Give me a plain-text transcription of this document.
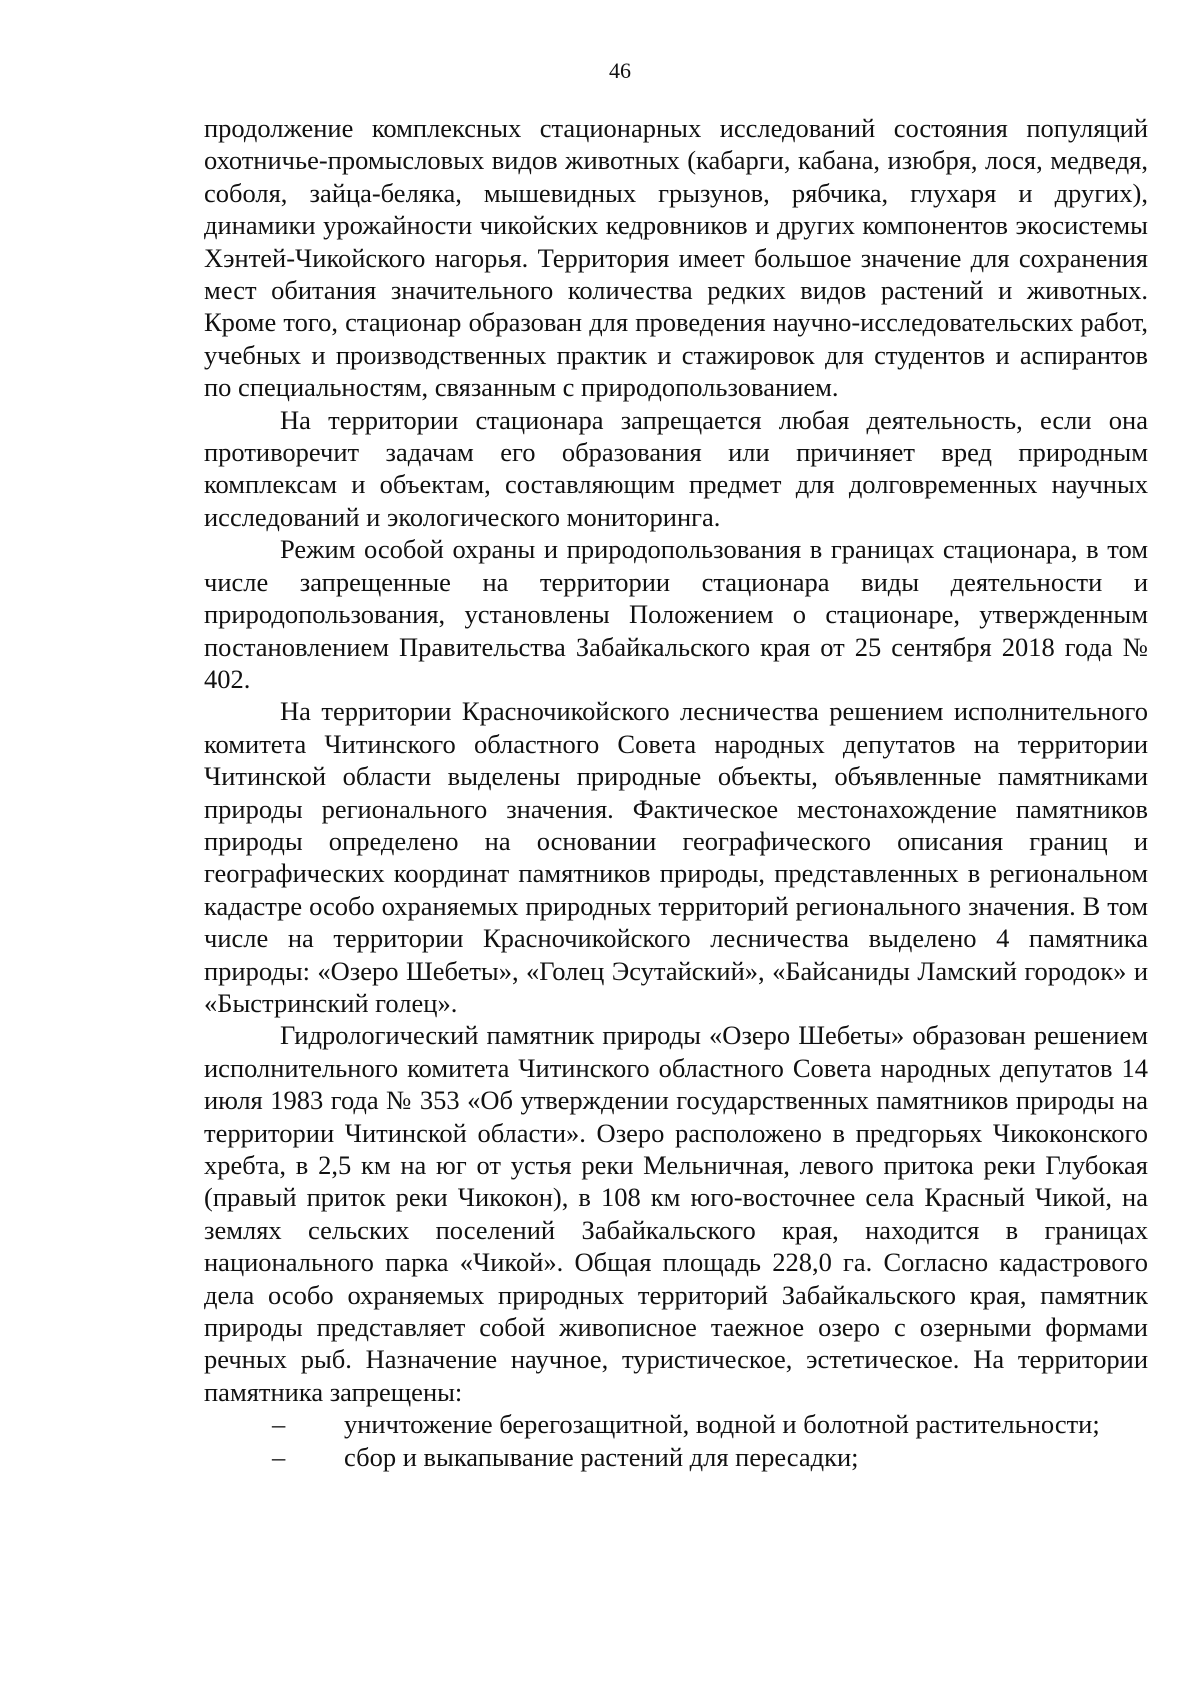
46

продолжение комплексных стационарных исследований состояния популяций охотничье-промысловых видов животных (кабарги, кабана, изюбря, лося, медведя, соболя, зайца-беляка, мышевидных грызунов, рябчика, глухаря и других), динамики урожайности чикойских кедровников и других компонентов экосистемы Хэнтей-Чикойского нагорья. Территория имеет большое значение для сохранения мест обитания значительного количества редких видов растений и животных. Кроме того, стационар образован для проведения научно-исследовательских работ, учебных и производственных практик и стажировок для студентов и аспирантов по специальностям, связанным с природопользованием.

На территории стационара запрещается любая деятельность, если она противоречит задачам его образования или причиняет вред природным комплексам и объектам, составляющим предмет для долговременных научных исследований и экологического мониторинга.

Режим особой охраны и природопользования в границах стационара, в том числе запрещенные на территории стационара виды деятельности и природопользования, установлены Положением о стационаре, утвержденным постановлением Правительства Забайкальского края от 25 сентября 2018 года № 402.

На территории Красночикойского лесничества решением исполнительного комитета Читинского областного Совета народных депутатов на территории Читинской области выделены природные объекты, объявленные памятниками природы регионального значения. Фактическое местонахождение памятников природы определено на основании географического описания границ и географических координат памятников природы, представленных в региональном кадастре особо охраняемых природных территорий регионального значения. В том числе на территории Красночикойского лесничества выделено 4 памятника природы: «Озеро Шебеты», «Голец Эсутайский», «Байсаниды Ламский городок» и «Быстринский голец».

Гидрологический памятник природы «Озеро Шебеты» образован решением исполнительного комитета Читинского областного Совета народных депутатов 14 июля 1983 года № 353 «Об утверждении государственных памятников природы на территории Читинской области». Озеро расположено в предгорьях Чикоконского хребта, в 2,5 км на юг от устья реки Мельничная, левого притока реки Глубокая (правый приток реки Чикокон), в 108 км юго-восточнее села Красный Чикой, на землях сельских поселений Забайкальского края, находится в границах национального парка «Чикой». Общая площадь 228,0 га. Согласно кадастрового дела особо охраняемых природных территорий Забайкальского края, памятник природы представляет собой живописное таежное озеро с озерными формами речных рыб. Назначение научное, туристическое, эстетическое. На территории памятника запрещены:

– уничтожение берегозащитной, водной и болотной растительности;
– сбор и выкапывание растений для пересадки;
